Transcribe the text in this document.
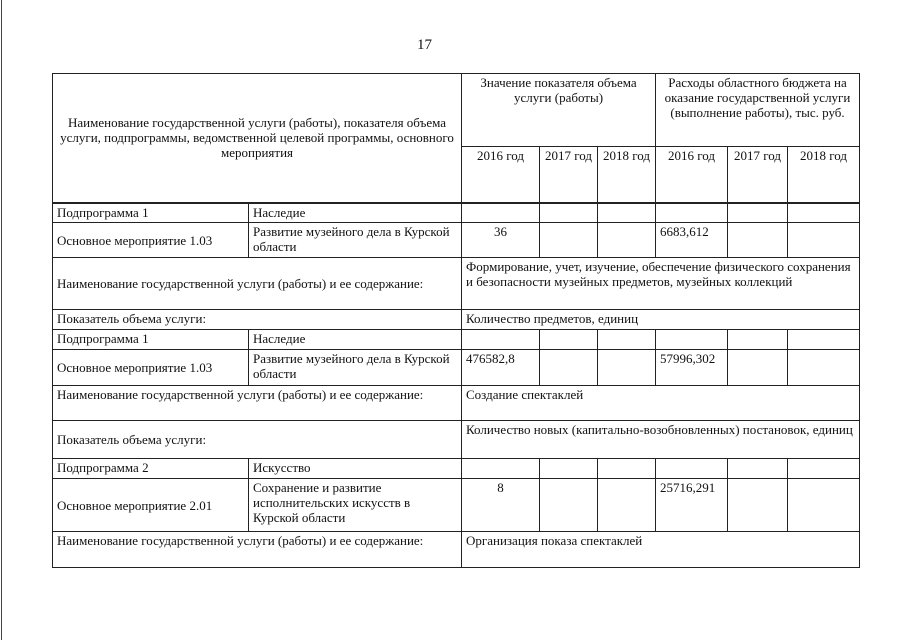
17
Наименование государственной услуги (работы), показателя объема услуги, подпрограммы, ведомственной целевой программы, основного мероприятия		Значение показателя объема услуги (работы)			Расходы областного бюджета на оказание государственной услуги (выполнение работы), тыс. руб.		
		2016 год	2017 год	2018 год	2016 год	2017 год	2018 год
Подпрограмма 1	Наследие						
Основное мероприятие 1.03	Развитие музейного дела в Курской области	36			6683,612		
Наименование государственной услуги (работы) и ее содержание:		Формирование, учет, изучение, обеспечение физического сохранения и безопасности музейных предметов, музейных коллекций					
Показатель объема услуги:		Количество предметов, единиц					
Подпрограмма 1	Наследие						
Основное мероприятие 1.03	Развитие музейного дела в Курской области	476582,8			57996,302		
Наименование государственной услуги (работы) и ее содержание:		Создание спектаклей					
Показатель объема услуги:		Количество новых (капитально-возобновленных) постановок, единиц					
Подпрограмма 2	Искусство						
Основное мероприятие 2.01	Сохранение и развитие исполнительских искусств в Курской области	8			25716,291		
Наименование государственной услуги (работы) и ее содержание:		Организация показа спектаклей					
